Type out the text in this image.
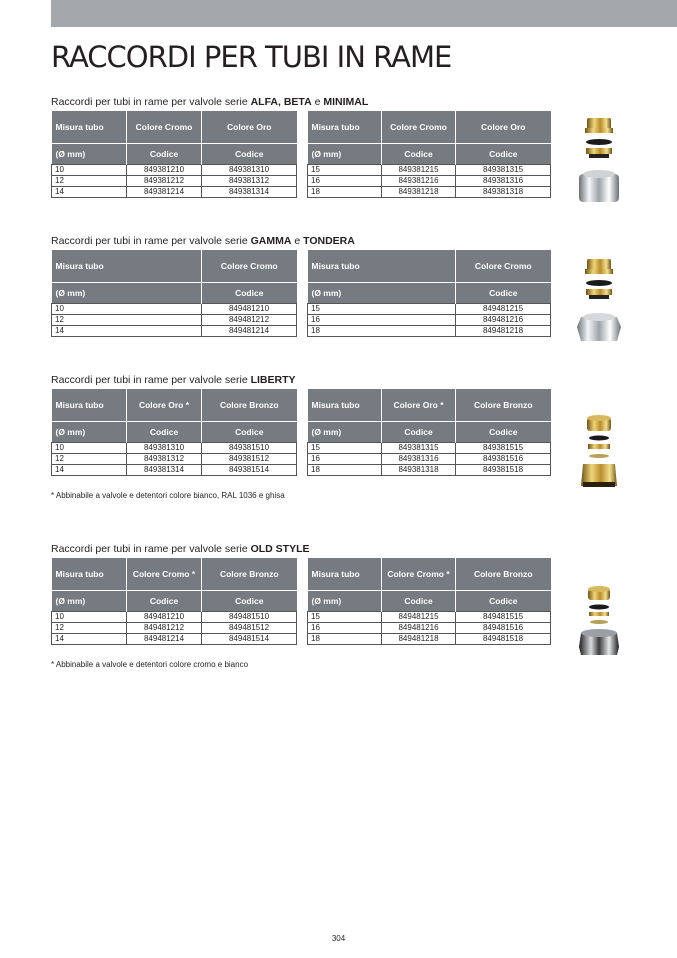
RACCORDI PER TUBI IN RAME
Raccordi per tubi in rame per valvole serie ALFA, BETA e MINIMAL
Misura tubo	Colore Cromo	Colore Oro
(Ø mm)	Codice	Codice
10	849381210	849381310
12	849381212	849381312
14	849381214	849381314
Misura tubo	Colore Cromo	Colore Oro
(Ø mm)	Codice	Codice
15	849381215	849381315
16	849381216	849381316
18	849381218	849381318
Raccordi per tubi in rame per valvole serie GAMMA e TONDERA
Misura tubo	Colore Cromo
(Ø mm)	Codice
10	849481210
12	849481212
14	849481214
Misura tubo	Colore Cromo
(Ø mm)	Codice
15	849481215
16	849481216
18	849481218
Raccordi per tubi in rame per valvole serie LIBERTY
Misura tubo	Colore Oro *	Colore Bronzo
(Ø mm)	Codice	Codice
10	849381310	849381510
12	849381312	849381512
14	849381314	849381514
Misura tubo	Colore Oro *	Colore Bronzo
(Ø mm)	Codice	Codice
15	849381315	849381515
16	849381316	849381516
18	849381318	849381518
* Abbinabile a valvole e detentori colore bianco, RAL 1036 e ghisa
Raccordi per tubi in rame per valvole serie OLD STYLE
Misura tubo	Colore Cromo *	Colore Bronzo
(Ø mm)	Codice	Codice
10	849481210	849481510
12	849481212	849481512
14	849481214	849481514
Misura tubo	Colore Cromo *	Colore Bronzo
(Ø mm)	Codice	Codice
15	849481215	849481515
16	849481216	849481516
18	849481218	849481518
* Abbinabile a valvole e detentori colore cromo e bianco
304
